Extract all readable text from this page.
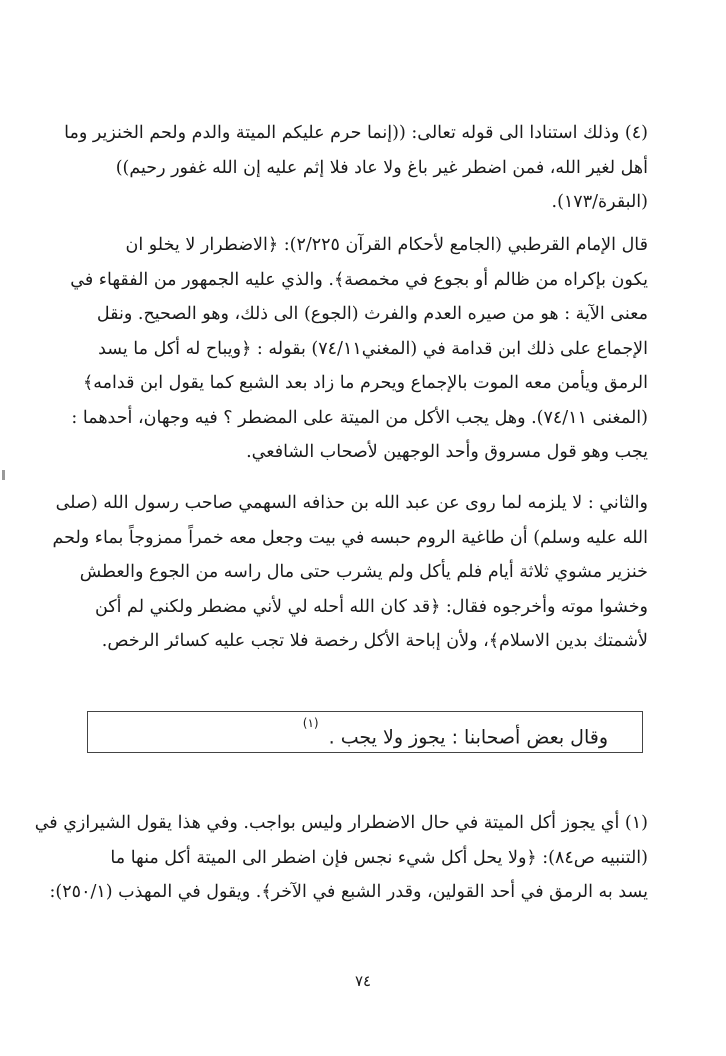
(٤) وذلك استنادا الى قوله تعالى: ((إنما حرم عليكم الميتة والدم ولحم الخنزير وما
أهل لغير الله، فمن اضطر غير باغ ولا عاد فلا إثم عليه إن الله غفور رحيم))
(البقرة/١٧٣).
قال الإمام القرطبي (الجامع لأحكام القرآن ٢/٢٢٥): ﴿الاضطرار لا يخلو ان
يكون بإكراه من ظالم أو بجوع في مخمصة﴾. والذي عليه الجمهور من الفقهاء في
معنى الآية : هو من صيره العدم والفرث (الجوع) الى ذلك، وهو الصحيح. ونقل
الإجماع على ذلك ابن قدامة في (المغني٧٤/١١) بقوله : ﴿ويباح له أكل ما يسد
الرمق ويأمن معه الموت بالإجماع ويحرم ما زاد بعد الشبع كما يقول ابن قدامه﴾
(المغنى ٧٤/١١). وهل يجب الأكل من الميتة على المضطر ؟ فيه وجهان، أحدهما :
يجب وهو قول مسروق وأحد الوجهين لأصحاب الشافعي.
والثاني : لا يلزمه لما روى عن عبد الله بن حذافه السهمي صاحب رسول الله (صلى
الله عليه وسلم) أن طاغية الروم حبسه في بيت وجعل معه خمراً ممزوجاً بماء ولحم
خنزير مشوي ثلاثة أيام فلم يأكل ولم يشرب حتى مال راسه من الجوع والعطش
وخشوا موته وأخرجوه فقال: ﴿قد كان الله أحله لي لأني مضطر ولكني لم أكن
لأشمتك بدين الاسلام﴾، ولأن إباحة الأكل رخصة فلا تجب عليه كسائر الرخص.
وقال بعض أصحابنا : يجوز ولا يجب . $^{(١)}$
(١) أي يجوز أكل الميتة في حال الاضطرار وليس بواجب. وفي هذا يقول الشيرازي في
(التنبيه ص٨٤): ﴿ولا يحل أكل شيء نجس فإن اضطر الى الميتة أكل منها ما
يسد به الرمق في أحد القولين، وقدر الشبع في الآخر﴾. ويقول في المهذب (٢٥٠/١):
٧٤
